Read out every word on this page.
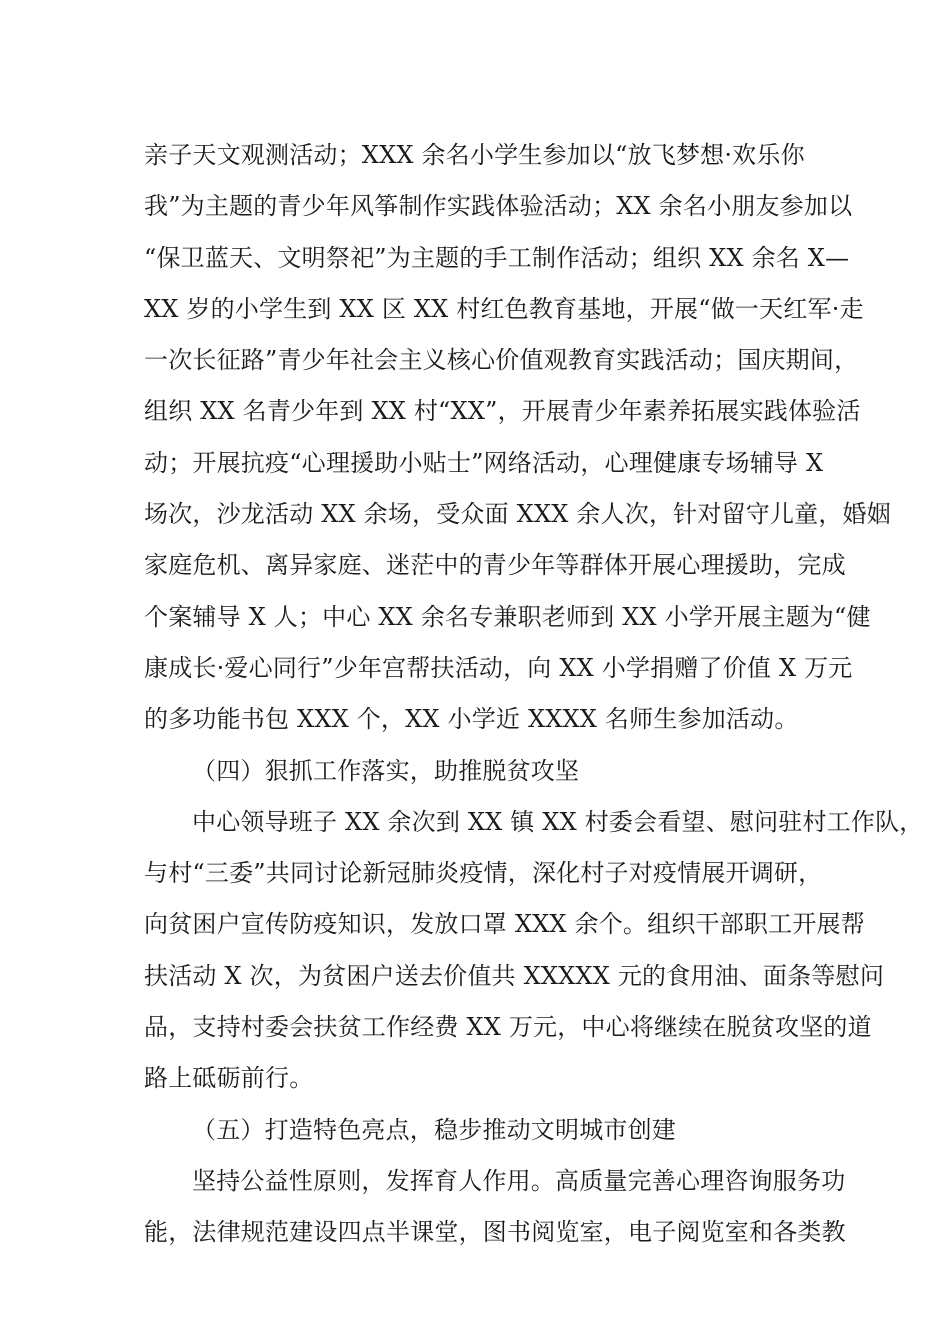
亲子天文观测活动；XXX 余名小学生参加以“放飞梦想·欢乐你
我”为主题的青少年风筝制作实践体验活动；XX 余名小朋友参加以
“保卫蓝天、文明祭祀”为主题的手工制作活动；组织 XX 余名 X—
XX 岁的小学生到 XX 区 XX 村红色教育基地，开展“做一天红军·走
一次长征路”青少年社会主义核心价值观教育实践活动；国庆期间，
组织 XX 名青少年到 XX 村“XX”，开展青少年素养拓展实践体验活
动；开展抗疫“心理援助小贴士”网络活动，心理健康专场辅导 X
场次，沙龙活动 XX 余场，受众面 XXX 余人次，针对留守儿童，婚姻
家庭危机、离异家庭、迷茫中的青少年等群体开展心理援助，完成
个案辅导 X 人；中心 XX 余名专兼职老师到 XX 小学开展主题为“健
康成长·爱心同行”少年宫帮扶活动，向 XX 小学捐赠了价值 X 万元
的多功能书包 XXX 个，XX 小学近 XXXX 名师生参加活动。
（四）狠抓工作落实，助推脱贫攻坚
中心领导班子 XX 余次到 XX 镇 XX 村委会看望、慰问驻村工作队，
与村“三委”共同讨论新冠肺炎疫情，深化村子对疫情展开调研，
向贫困户宣传防疫知识，发放口罩 XXX 余个。组织干部职工开展帮
扶活动 X 次，为贫困户送去价值共 XXXXX 元的食用油、面条等慰问
品，支持村委会扶贫工作经费 XX 万元，中心将继续在脱贫攻坚的道
路上砥砺前行。
（五）打造特色亮点，稳步推动文明城市创建
坚持公益性原则，发挥育人作用。高质量完善心理咨询服务功
能，法律规范建设四点半课堂，图书阅览室，电子阅览室和各类教
